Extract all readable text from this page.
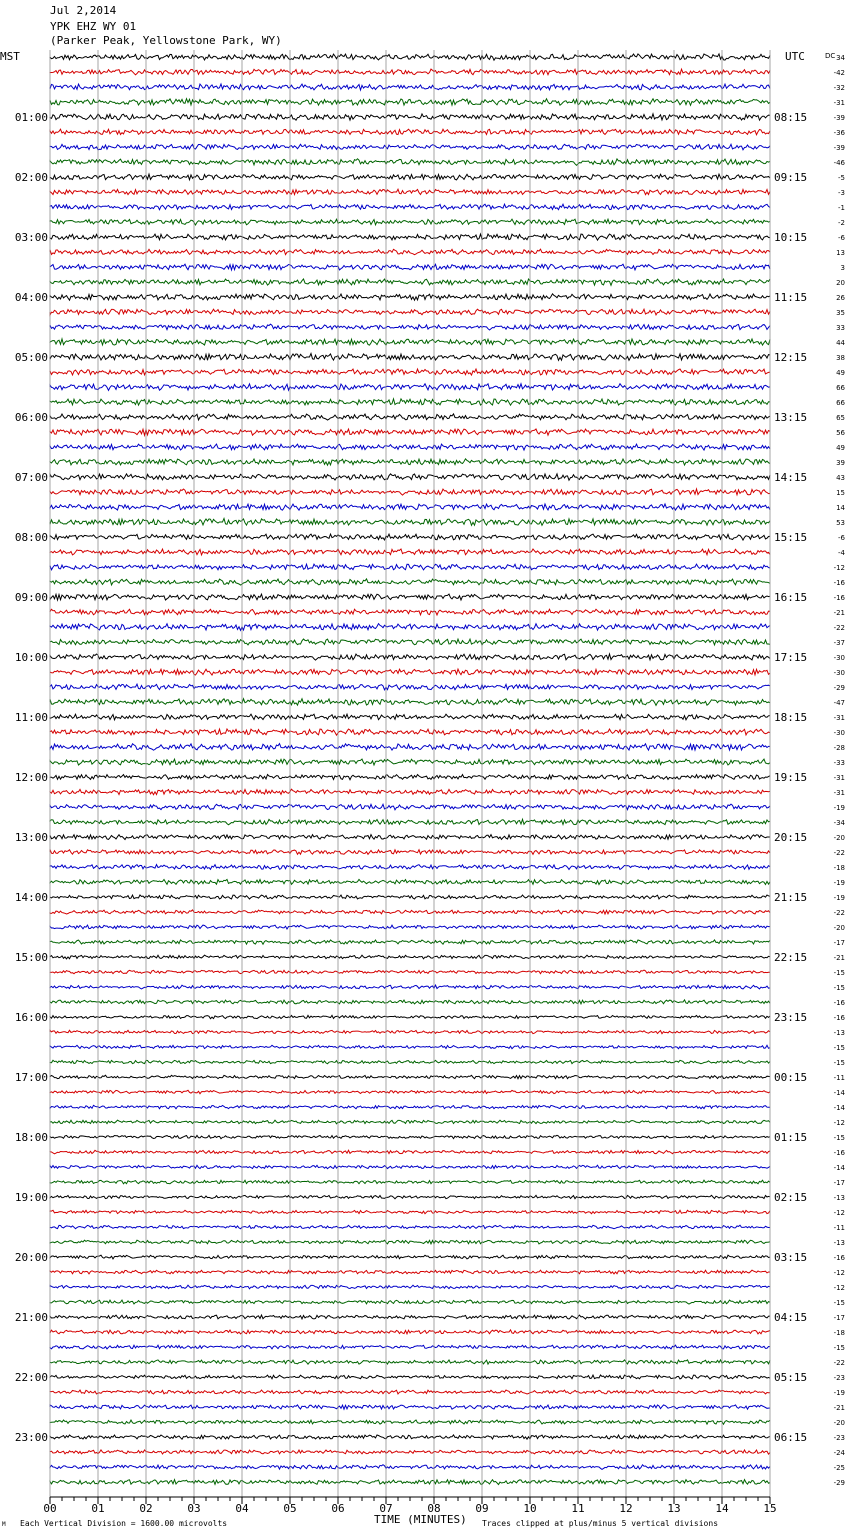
Jul 2,2014
YPK EHZ WY 01
(Parker Peak, Yellowstone Park, WY)
MST	UTC
01:00
02:00
03:00
04:00
05:00
06:00
07:00
08:00
09:00
10:00
11:00
12:00
13:00
14:00
15:00
16:00
17:00
18:00
19:00
20:00
21:00
22:00
23:00
08:15
09:15
10:15
11:15
12:15
13:15
14:15
15:15
16:15
17:15
18:15
19:15
20:15
21:15
22:15
23:15
00:15
01:15
02:15
03:15
04:15
05:15
06:15
34
-42
-32
-31
-39
-36
-39
-46
-5
-3
-1
-2
-6
13
3
20
26
35
33
44
38
49
66
66
65
56
49
39
43
15
14
53
-6
-4
-12
-16
-16
-21
-22
-37
-30
-30
-29
-47
-31
-30
-28
-33
-31
-31
-19
-34
-20
-22
-18
-19
-19
-22
-20
-17
-21
-15
-15
-16
-16
-13
-15
-15
-11
-14
-14
-12
-15
-16
-14
-17
-13
-12
-11
-13
-16
-12
-12
-15
-17
-18
-15
-22
-23
-19
-21
-20
-23
-24
-25
-29
00	01	02	03	04	05	06	07	08	09	10	11	12	13	14	15
DC
TIME (MINUTES)
Each Vertical Division = 1600.00 microvolts	Traces clipped at plus/minus 5 vertical divisions
M
